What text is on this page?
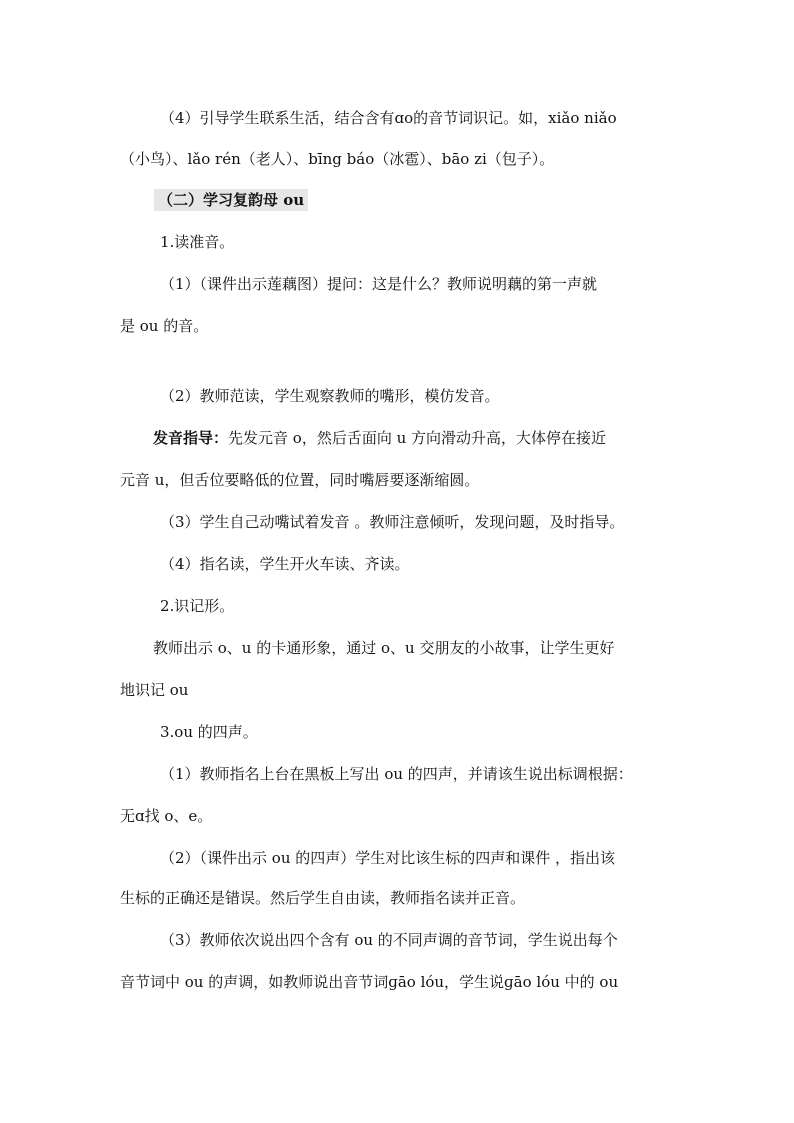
（4）引导学生联系生活，结合含有ɑo的音节词识记。如，xiǎo niǎo
（小鸟）、lǎo rén（老人）、bīng báo（冰雹）、bāo zi（包子）。
（二）学习复韵母 ou
1.读准音。
（1）（课件出示莲藕图）提问：这是什么？教师说明藕的第一声就
是 ou 的音。
（2）教师范读，学生观察教师的嘴形，模仿发音。
发音指导：先发元音 o，然后舌面向 u 方向滑动升高，大体停在接近
元音 u，但舌位要略低的位置，同时嘴唇要逐渐缩圆。
（3）学生自己动嘴试着发音 。教师注意倾听，发现问题，及时指导。
（4）指名读，学生开火车读、齐读。
2.识记形。
教师出示 o、u 的卡通形象，通过 o、u 交朋友的小故事，让学生更好
地识记 ou
3.ou 的四声。
（1）教师指名上台在黑板上写出 ou 的四声，并请该生说出标调根据：
无ɑ找 o、e。
（2）（课件出示 ou 的四声）学生对比该生标的四声和课件 ，指出该
生标的正确还是错误。然后学生自由读，教师指名读并正音。
（3）教师依次说出四个含有 ou 的不同声调的音节词，学生说出每个
音节词中 ou 的声调，如教师说出音节词ɡāo lóu，学生说ɡāo lóu 中的 ou
